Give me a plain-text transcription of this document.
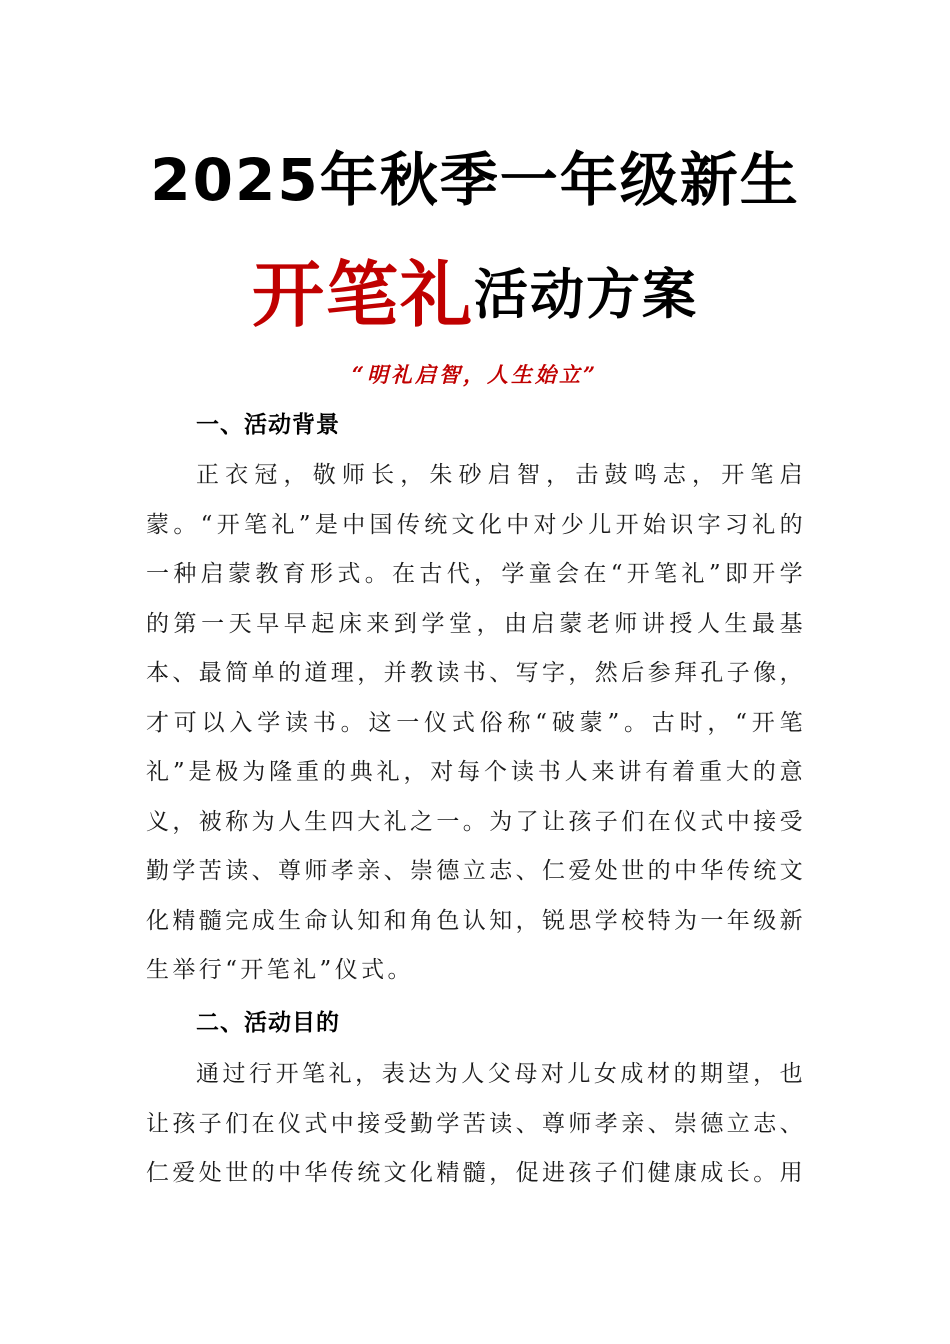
2025年秋季一年级新生
开笔礼活动方案
“明礼启智，人生始立”
一、活动背景

正衣冠，敬师长，朱砂启智，击鼓鸣志，开笔启蒙。“开笔礼”是中国传统文化中对少儿开始识字习礼的一种启蒙教育形式。在古代，学童会在“开笔礼”即开学的第一天早早起床来到学堂，由启蒙老师讲授人生最基本、最简单的道理，并教读书、写字，然后参拜孔子像，才可以入学读书。这一仪式俗称“破蒙”。古时，“开笔礼”是极为隆重的典礼，对每个读书人来讲有着重大的意义，被称为人生四大礼之一。为了让孩子们在仪式中接受勤学苦读、尊师孝亲、崇德立志、仁爱处世的中华传统文化精髓完成生命认知和角色认知，锐思学校特为一年级新生举行“开笔礼”仪式。

二、活动目的

通过行开笔礼，表达为人父母对儿女成材的期望，也让孩子们在仪式中接受勤学苦读、尊师孝亲、崇德立志、仁爱处世的中华传统文化精髓，促进孩子们健康成长。用
